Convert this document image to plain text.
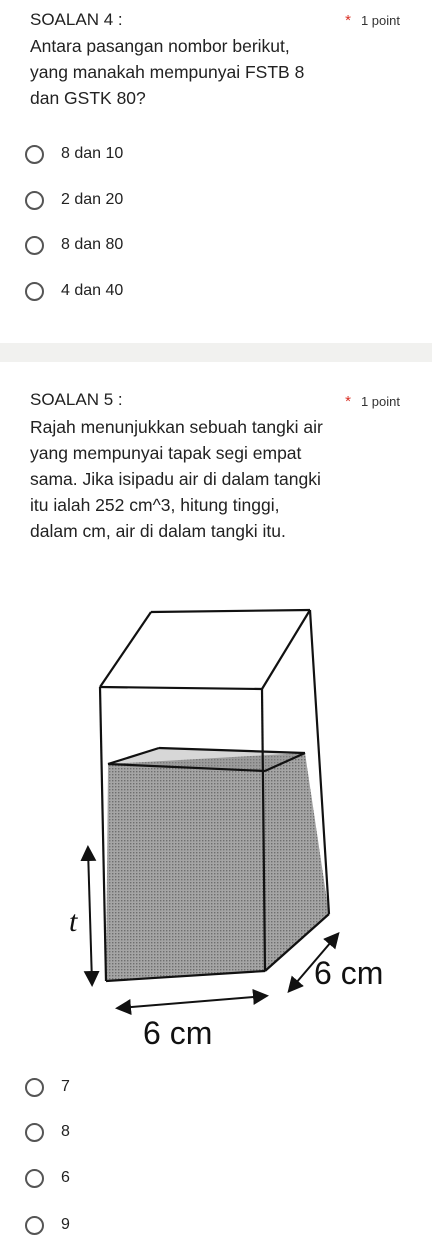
SOALAN 4 :	* 1 point
Antara pasangan nombor berikut,
yang manakah mempunyai FSTB 8
dan GSTK 80?
8 dan 10
2 dan 20
8 dan 80
4 dan 40
SOALAN 5 :	* 1 point
Rajah menunjukkan sebuah tangki air
yang mempunyai tapak segi empat
sama. Jika isipadu air di dalam tangki
itu ialah 252 cm^3, hitung tinggi,
dalam cm, air di dalam tangki itu.
t
6 cm
6 cm
7
8
6
9
